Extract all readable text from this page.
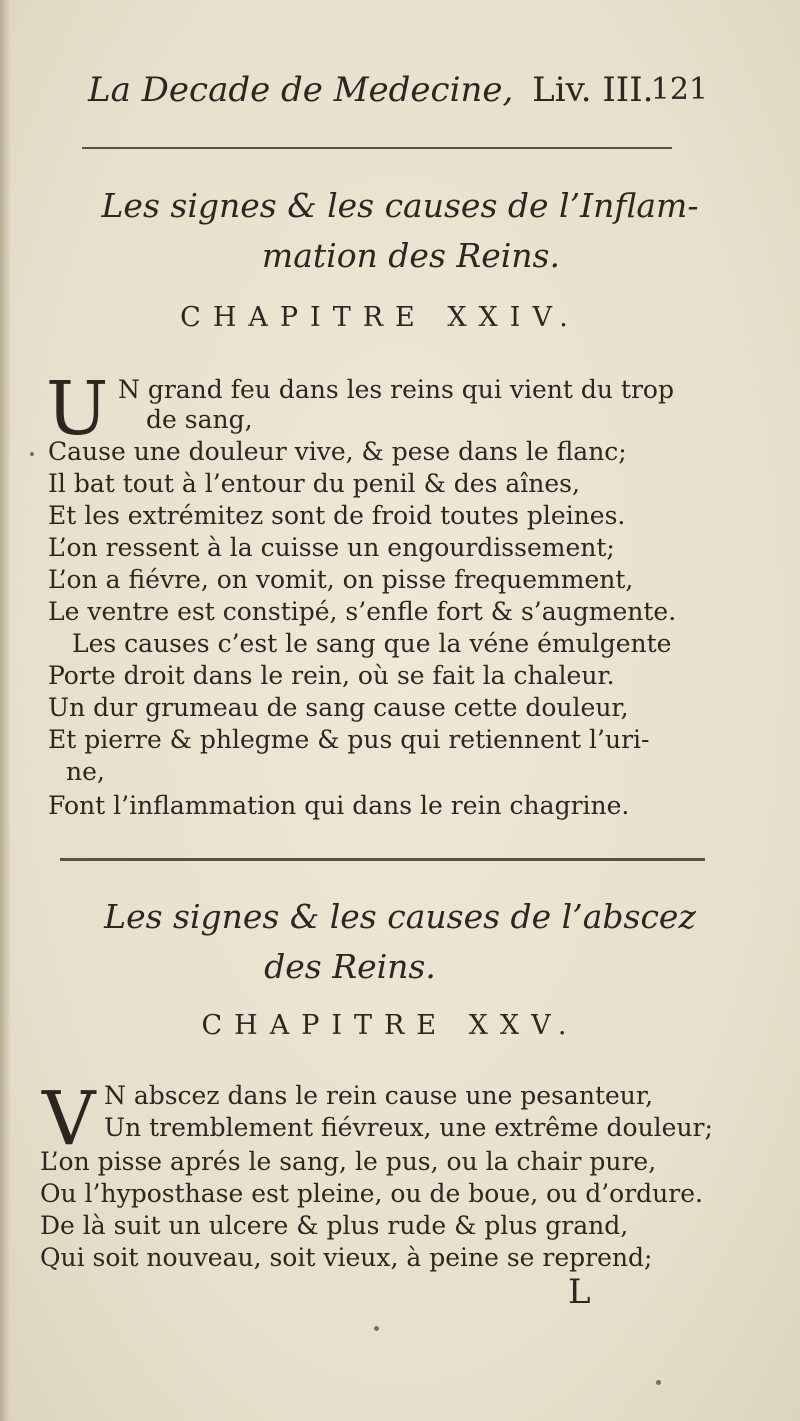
La Decade de Medecine, Liv. III.
121
Les signes & les causes de l’Inflam-
mation des Reins.
CHAPITRE XXIV.
U N grand feu dans les reins qui vient du trop
de sang,
Cause une douleur vive, & pese dans le flanc;
Il bat tout à l’entour du penil & des aînes,
Et les extrémitez sont de froid toutes pleines.
L’on ressent à la cuisse un engourdissement;
L’on a fiévre, on vomit, on pisse frequemment,
Le ventre est constipé, s’enfle fort & s’augmente.
Les causes c’est le sang que la véne émulgente
Porte droit dans le rein, où se fait la chaleur.
Un dur grumeau de sang cause cette douleur,
Et pierre & phlegme & pus qui retiennent l’uri-
ne,
Font l’inflammation qui dans le rein chagrine.
Les signes & les causes de l’abscez
des Reins.
CHAPITRE XXV.
V N abscez dans le rein cause une pesanteur,
Un tremblement fiévreux, une extrême douleur;
L’on pisse aprés le sang, le pus, ou la chair pure,
Ou l’hyposthase est pleine, ou de boue, ou d’ordure.
De là suit un ulcere & plus rude & plus grand,
Qui soit nouveau, soit vieux, à peine se reprend;
L
